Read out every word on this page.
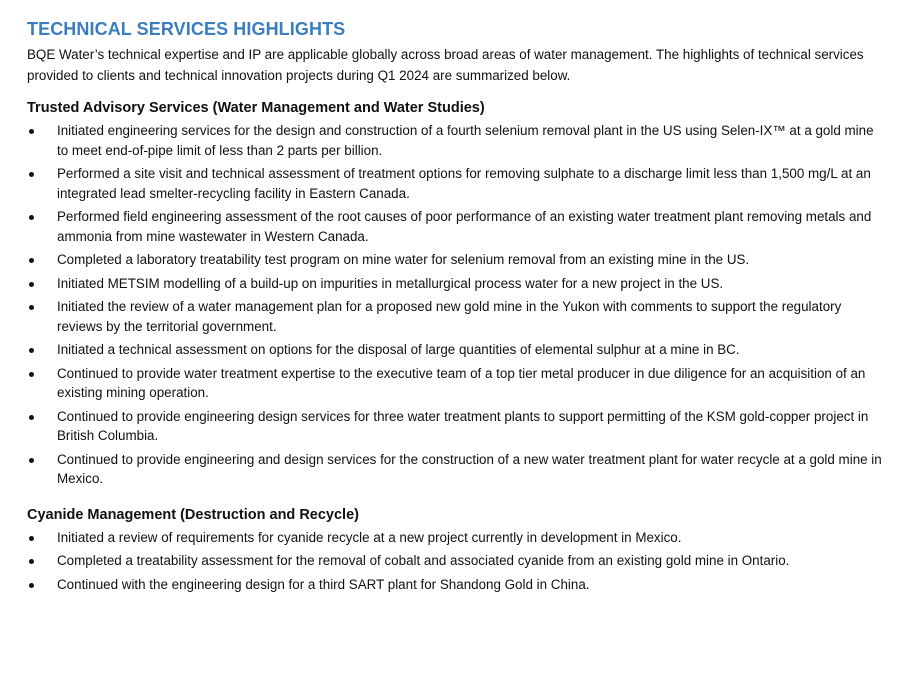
TECHNICAL SERVICES HIGHLIGHTS
BQE Water’s technical expertise and IP are applicable globally across broad areas of water management. The highlights of technical services provided to clients and technical innovation projects during Q1 2024 are summarized below.
Trusted Advisory Services (Water Management and Water Studies)
Initiated engineering services for the design and construction of a fourth selenium removal plant in the US using Selen-IX™ at a gold mine to meet end-of-pipe limit of less than 2 parts per billion.
Performed a site visit and technical assessment of treatment options for removing sulphate to a discharge limit less than 1,500 mg/L at an integrated lead smelter-recycling facility in Eastern Canada.
Performed field engineering assessment of the root causes of poor performance of an existing water treatment plant removing metals and ammonia from mine wastewater in Western Canada.
Completed a laboratory treatability test program on mine water for selenium removal from an existing mine in the US.
Initiated METSIM modelling of a build-up on impurities in metallurgical process water for a new project in the US.
Initiated the review of a water management plan for a proposed new gold mine in the Yukon with comments to support the regulatory reviews by the territorial government.
Initiated a technical assessment on options for the disposal of large quantities of elemental sulphur at a mine in BC.
Continued to provide water treatment expertise to the executive team of a top tier metal producer in due diligence for an acquisition of an existing mining operation.
Continued to provide engineering design services for three water treatment plants to support permitting of the KSM gold-copper project in British Columbia.
Continued to provide engineering and design services for the construction of a new water treatment plant for water recycle at a gold mine in Mexico.
Cyanide Management (Destruction and Recycle)
Initiated a review of requirements for cyanide recycle at a new project currently in development in Mexico.
Completed a treatability assessment for the removal of cobalt and associated cyanide from an existing gold mine in Ontario.
Continued with the engineering design for a third SART plant for Shandong Gold in China.
